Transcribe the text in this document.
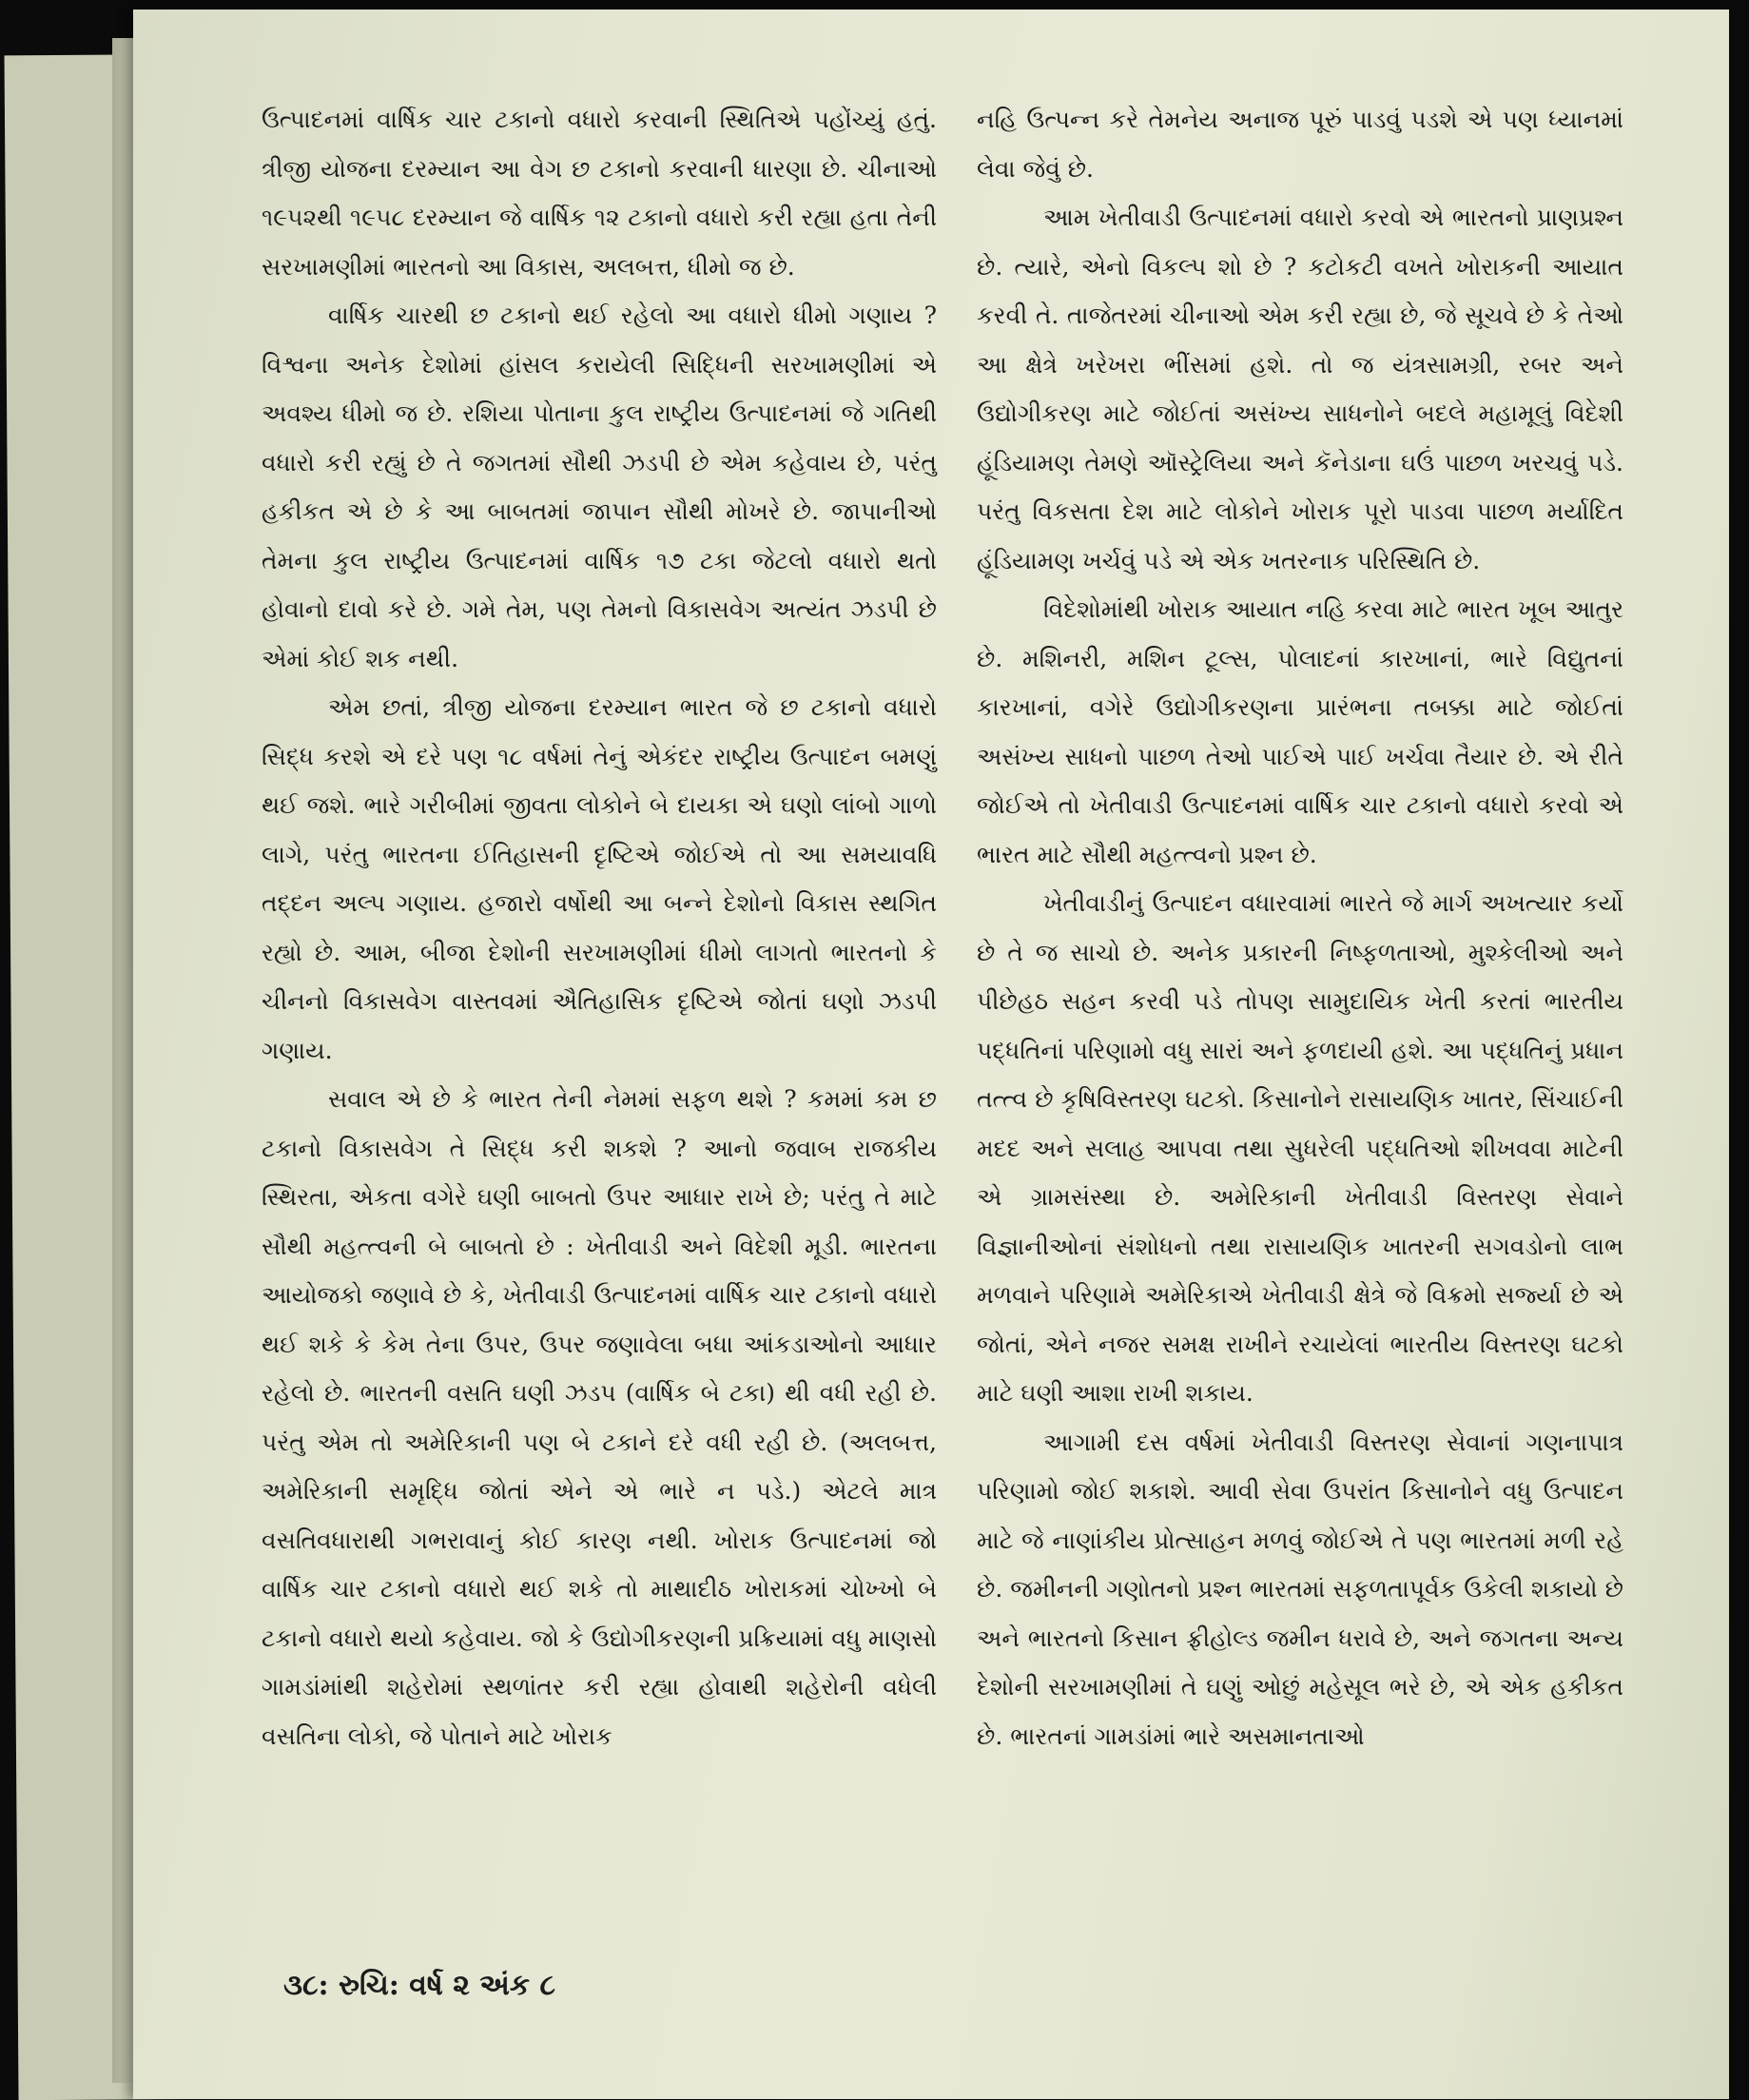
ઉત્પાદનમાં વાર્ષિક ચાર ટકાનો વધારો કરવાની સ્થિતિએ પહોંચ્યું હતું. ત્રીજી યોજના દરમ્યાન આ વેગ છ ટકાનો કરવાની ધારણા છે. ચીનાઓ ૧૯૫૨થી ૧૯૫૮ દરમ્યાન જે વાર્ષિક ૧૨ ટકાનો વધારો કરી રહ્યા હતા તેની સરખામણીમાં ભારતનો આ વિકાસ, અલબત્ત, ધીમો જ છે.

વાર્ષિક ચારથી છ ટકાનો થઈ રહેલો આ વધારો ધીમો ગણાય ? વિશ્વના અનેક દેશોમાં હાંસલ કરાયેલી સિદ્ધિની સરખામણીમાં એ અવશ્ય ધીમો જ છે. રશિયા પોતાના કુલ રાષ્ટ્રીય ઉત્પાદનમાં જે ગતિથી વધારો કરી રહ્યું છે તે જગતમાં સૌથી ઝડપી છે એમ કહેવાય છે, પરંતુ હકીકત એ છે કે આ બાબતમાં જાપાન સૌથી મોખરે છે. જાપાનીઓ તેમના કુલ રાષ્ટ્રીય ઉત્પાદનમાં વાર્ષિક ૧૭ ટકા જેટલો વધારો થતો હોવાનો દાવો કરે છે. ગમે તેમ, પણ તેમનો વિકાસવેગ અત્યંત ઝડપી છે એમાં કોઈ શક નથી.

એમ છતાં, ત્રીજી યોજના દરમ્યાન ભારત જે છ ટકાનો વધારો સિદ્ધ કરશે એ દરે પણ ૧૮ વર્ષમાં તેનું એકંદર રાષ્ટ્રીય ઉત્પાદન બમણું થઈ જશે. ભારે ગરીબીમાં જીવતા લોકોને બે દાયકા એ ઘણો લાંબો ગાળો લાગે, પરંતુ ભારતના ઈતિહાસની દૃષ્ટિએ જોઈએ તો આ સમયાવધિ તદ્દન અલ્પ ગણાય. હજારો વર્ષોથી આ બન્ને દેશોનો વિકાસ સ્થગિત રહ્યો છે. આમ, બીજા દેશોની સરખામણીમાં ધીમો લાગતો ભારતનો કે ચીનનો વિકાસવેગ વાસ્તવમાં ઐતિહાસિક દૃષ્ટિએ જોતાં ઘણો ઝડપી ગણાય.

સવાલ એ છે કે ભારત તેની નેમમાં સફળ થશે ? કમમાં કમ છ ટકાનો વિકાસવેગ તે સિદ્ધ કરી શકશે ? આનો જવાબ રાજકીય સ્થિરતા, એકતા વગેરે ઘણી બાબતો ઉપર આધાર રાખે છે; પરંતુ તે માટે સૌથી મહત્ત્વની બે બાબતો છે : ખેતીવાડી અને વિદેશી મૂડી. ભારતના આયોજકો જણાવે છે કે, ખેતીવાડી ઉત્પાદનમાં વાર્ષિક ચાર ટકાનો વધારો થઈ શકે કે કેમ તેના ઉપર, ઉપર જણાવેલા બધા આંકડાઓનો આધાર રહેલો છે. ભારતની વસતિ ઘણી ઝડપ (વાર્ષિક બે ટકા) થી વધી રહી છે. પરંતુ એમ તો અમેરિકાની પણ બે ટકાને દરે વધી રહી છે. (અલબત્ત, અમેરિકાની સમૃદ્ધિ જોતાં એને એ ભારે ન પડે.) એટલે માત્ર વસતિવધારાથી ગભરાવાનું કોઈ કારણ નથી. ખોરાક ઉત્પાદનમાં જો વાર્ષિક ચાર ટકાનો વધારો થઈ શકે તો માથાદીઠ ખોરાકમાં ચોખ્ખો બે ટકાનો વધારો થયો કહેવાય. જો કે ઉદ્યોગીકરણની પ્રક્રિયામાં વધુ માણસો ગામડાંમાંથી શહેરોમાં સ્થળાંતર કરી રહ્યા હોવાથી શહેરોની વધેલી વસતિના લોકો, જે પોતાને માટે ખોરાક

નહિ ઉત્પન્ન કરે તેમનેય અનાજ પૂરું પાડવું પડશે એ પણ ધ્યાનમાં લેવા જેવું છે.

આમ ખેતીવાડી ઉત્પાદનમાં વધારો કરવો એ ભારતનો પ્રાણપ્રશ્ન છે. ત્યારે, એનો વિકલ્પ શો છે ? કટોકટી વખતે ખોરાકની આયાત કરવી તે. તાજેતરમાં ચીનાઓ એમ કરી રહ્યા છે, જે સૂચવે છે કે તેઓ આ ક્ષેત્રે ખરેખરા ભીંસમાં હશે. તો જ યંત્રસામગ્રી, રબર અને ઉદ્યોગીકરણ માટે જોઈતાં અસંખ્ય સાધનોને બદલે મહામૂલું વિદેશી હૂંડિયામણ તેમણે ઑસ્ટ્રેલિયા અને કૅનેડાના ઘઉં પાછળ ખરચવું પડે. પરંતુ વિકસતા દેશ માટે લોકોને ખોરાક પૂરો પાડવા પાછળ મર્યાદિત હૂંડિયામણ ખર્ચવું પડે એ એક ખતરનાક પરિસ્થિતિ છે.

વિદેશોમાંથી ખોરાક આયાત નહિ કરવા માટે ભારત ખૂબ આતુર છે. મશિનરી, મશિન ટૂલ્સ, પોલાદનાં કારખાનાં, ભારે વિદ્યુતનાં કારખાનાં, વગેરે ઉદ્યોગીકરણના પ્રારંભના તબક્કા માટે જોઈતાં અસંખ્ય સાધનો પાછળ તેઓ પાઈએ પાઈ ખર્ચવા તૈયાર છે. એ રીતે જોઈએ તો ખેતીવાડી ઉત્પાદનમાં વાર્ષિક ચાર ટકાનો વધારો કરવો એ ભારત માટે સૌથી મહત્ત્વનો પ્રશ્ન છે.

ખેતીવાડીનું ઉત્પાદન વધારવામાં ભારતે જે માર્ગ અખત્યાર કર્યો છે તે જ સાચો છે. અનેક પ્રકારની નિષ્ફળતાઓ, મુશ્કેલીઓ અને પીછેહઠ સહન કરવી પડે તોપણ સામુદાયિક ખેતી કરતાં ભારતીય પદ્ધતિનાં પરિણામો વધુ સારાં અને ફળદાયી હશે. આ પદ્ધતિનું પ્રધાન તત્ત્વ છે કૃષિવિસ્તરણ ઘટકો. કિસાનોને રાસાયણિક ખાતર, સિંચાઈની મદદ અને સલાહ આપવા તથા સુધરેલી પદ્ધતિઓ શીખવવા માટેની એ ગ્રામસંસ્થા છે. અમેરિકાની ખેતીવાડી વિસ્તરણ સેવાને વિજ્ઞાનીઓનાં સંશોધનો તથા રાસાયણિક ખાતરની સગવડોનો લાભ મળવાને પરિણામે અમેરિકાએ ખેતીવાડી ક્ષેત્રે જે વિક્રમો સર્જ્યા છે એ જોતાં, એને નજર સમક્ષ રાખીને રચાયેલાં ભારતીય વિસ્તરણ ઘટકો માટે ઘણી આશા રાખી શકાય.

આગામી દસ વર્ષમાં ખેતીવાડી વિસ્તરણ સેવાનાં ગણનાપાત્ર પરિણામો જોઈ શકાશે. આવી સેવા ઉપરાંત કિસાનોને વધુ ઉત્પાદન માટે જે નાણાંકીય પ્રોત્સાહન મળવું જોઈએ તે પણ ભારતમાં મળી રહે છે. જમીનની ગણોતનો પ્રશ્ન ભારતમાં સફળતાપૂર્વક ઉકેલી શકાયો છે અને ભારતનો કિસાન ફ્રીહોલ્ડ જમીન ધરાવે છે, અને જગતના અન્ય દેશોની સરખામણીમાં તે ઘણું ઓછું મહેસૂલ ભરે છે, એ એક હકીકત છે. ભારતનાં ગામડાંમાં ભારે અસમાનતાઓ

૩૮: રુચિ: વર્ષ ૨ અંક ૮
